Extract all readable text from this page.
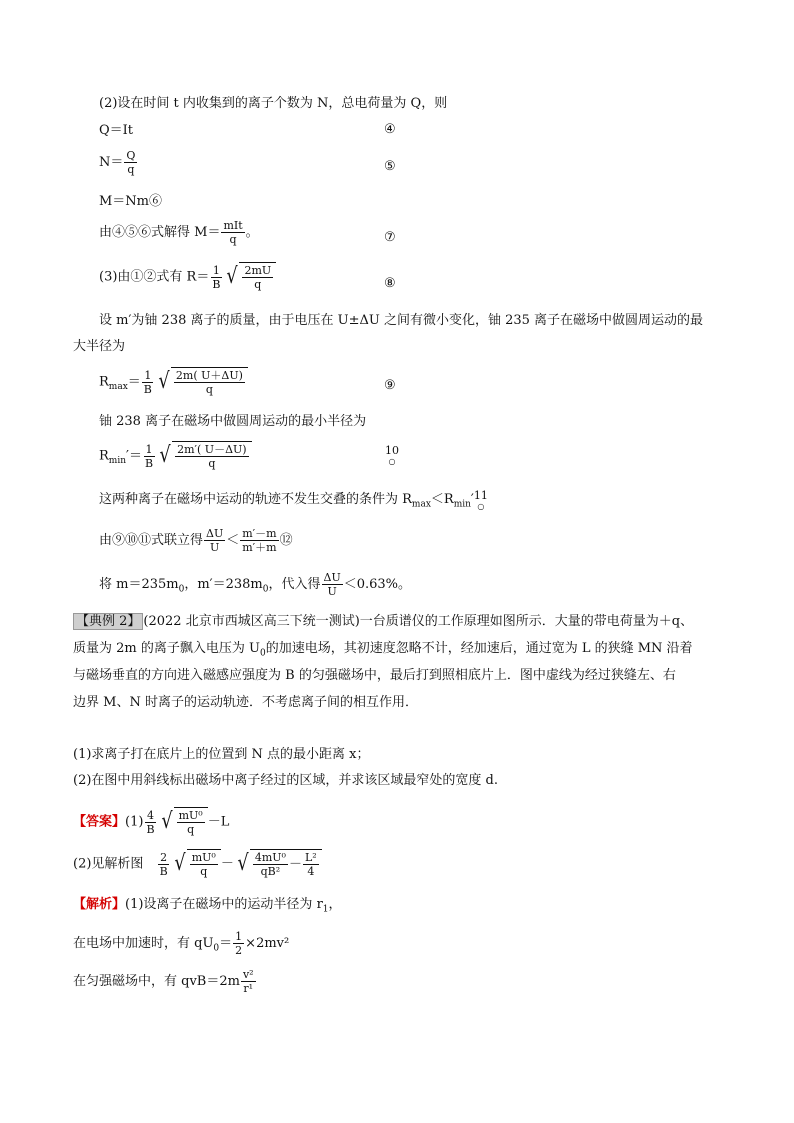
(2)设在时间 t 内收集到的离子个数为 N，总电荷量为 Q，则
Q＝It	④
$N= \frac{Q}{q}$	⑤
M＝Nm⑥
由④⑤⑥式解得 $M= \frac{\text{mIt}}{q}$ 。	⑦
(3)由①②式有 $R= \frac{1}{B}$ √ $\frac{2mU}{q}$	⑧
设 m′为铀 238 离子的质量，由于电压在 U±ΔU 之间有微小变化，铀 235 离子在磁场中做圆周运动的最
大半径为
$R_{max}= \frac{1}{B}$ √ $\frac{2m( U+\Delta U)}{q}$	⑨
铀 238 离子在磁场中做圆周运动的最小半径为
$R_{min}'= \frac{1}{B}$ √ $\frac{2m'( U-\Delta U)}{q}$	10
○
这两种离子在磁场中运动的轨迹不发生交叠的条件为 $R_{max}<R_{min}'11$
○
由⑨⑩⑪式联立得 $\frac{\Delta U}{U} < \frac{m'-m}{m'+m}$ ⑫
将 $m=235m_0$，$m'=238m_0$，代入得 $\frac{\Delta U}{U} <0.63\%$。
【典例 2】 (2022 北京市西城区高三下统一测试)一台质谱仪的工作原理如图所示．大量的带电荷量为＋q、
质量为 2m 的离子飘入电压为 $U_0$的加速电场，其初速度忽略不计，经加速后，通过宽为 L 的狭缝 MN 沿着
与磁场垂直的方向进入磁感应强度为 B 的匀强磁场中，最后打到照相底片上．图中虚线为经过狭缝左、右
边界 M、N 时离子的运动轨迹．不考虑离子间的相互作用．
(1)求离子打在底片上的位置到 N 点的最小距离 x；
(2)在图中用斜线标出磁场中离子经过的区域，并求该区域最窄处的宽度 d.
【答案】$(1) \frac{4}{B}$ √ $\frac{\text{mU⁰}}{q} -L$
(2)见解析图 $\frac{2}{B}$ √ $\frac{\text{mU⁰}}{q}$ － √ $\frac{\text{4mU⁰}}{\text{qB²}} - \frac{\text{L²}}{4}$
【解析】(1)设离子在磁场中的运动半径为 $r_1$，
在电场中加速时，有 $qU_0= \frac{1}{2} \times 2mv^2$
在匀强磁场中，有 $qvB=2m \frac{\text{v²}}{\text{r¹}}$
